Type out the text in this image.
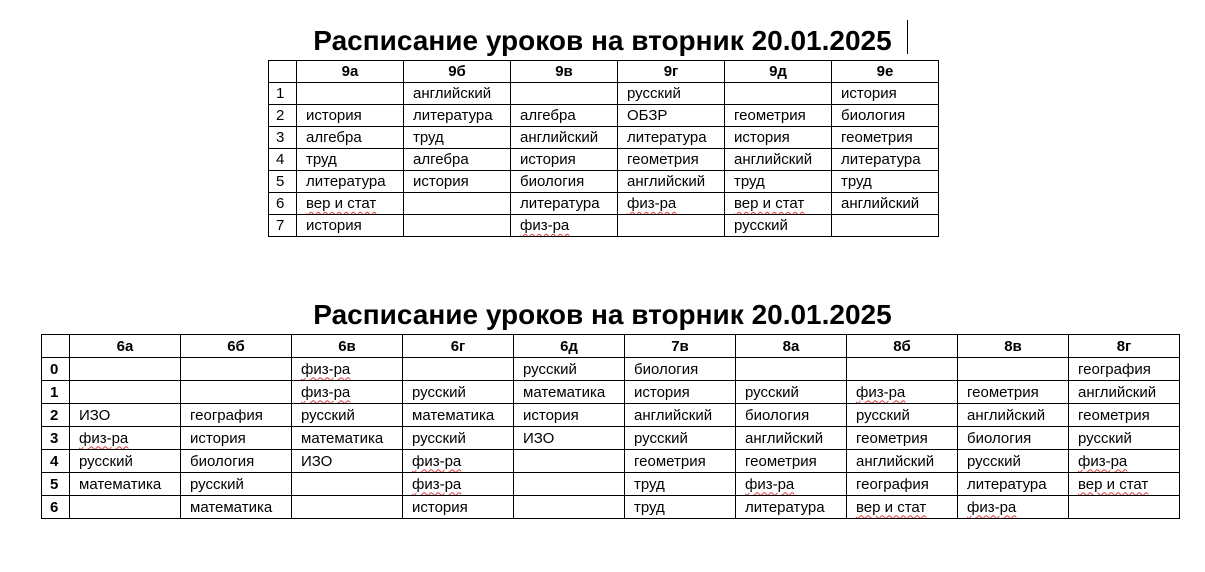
Расписание уроков на вторник 20.01.2025
	9а	9б	9в	9г	9д	9е
1		английский		русский		история
2	история	литература	алгебра	ОБЗР	геометрия	биология
3	алгебра	труд	английский	литература	история	геометрия
4	труд	алгебра	история	геометрия	английский	литература
5	литература	история	биология	английский	труд	труд
6	вер и стат		литература	физ-ра	вер и стат	английский
7	история		физ-ра		русский	
Расписание уроков на вторник 20.01.2025
	6а	6б	6в	6г	6д	7в	8а	8б	8в	8г
0			физ-ра		русский	биология				география
1			физ-ра	русский	математика	история	русский	физ-ра	геометрия	английский
2	ИЗО	география	русский	математика	история	английский	биология	русский	английский	геометрия
3	физ-ра	история	математика	русский	ИЗО	русский	английский	геометрия	биология	русский
4	русский	биология	ИЗО	физ-ра		геометрия	геометрия	английский	русский	физ-ра
5	математика	русский		физ-ра		труд	физ-ра	география	литература	вер и стат
6		математика		история		труд	литература	вер и стат	физ-ра	
